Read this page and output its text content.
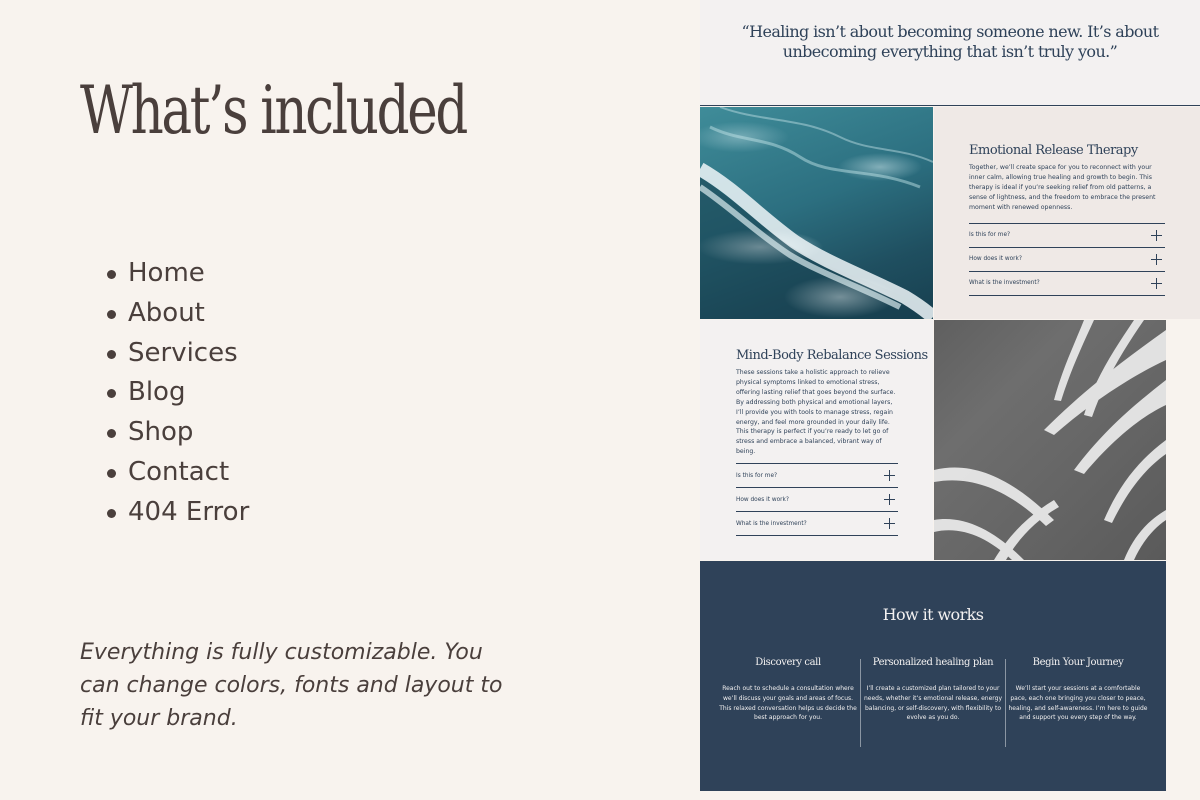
What’s included
Home
About
Services
Blog
Shop
Contact
404 Error

Everything is fully customizable. You can change colors, fonts and layout to fit your brand.

“Healing isn’t about becoming someone new. It’s about unbecoming everything that isn’t truly you.”

Emotional Release Therapy

Together, we’ll create space for you to reconnect with your inner calm, allowing true healing and growth to begin. This therapy is ideal if you’re seeking relief from old patterns, a sense of lightness, and the freedom to embrace the present moment with renewed openness.

Is this for me?
How does it work?
What is the investment?
Mind-Body Rebalance Sessions

These sessions take a holistic approach to relieve physical symptoms linked to emotional stress, offering lasting relief that goes beyond the surface. By addressing both physical and emotional layers, I’ll provide you with tools to manage stress, regain energy, and feel more grounded in your daily life. This therapy is perfect if you’re ready to let go of stress and embrace a balanced, vibrant way of being.

Is this for me?
How does it work?
What is the investment?
How it works
Discovery call

Reach out to schedule a consultation where we’ll discuss your goals and areas of focus. This relaxed conversation helps us decide the best approach for you.

Personalized healing plan

I’ll create a customized plan tailored to your needs, whether it’s emotional release, energy balancing, or self-discovery, with flexibility to evolve as you do.

Begin Your Journey

We’ll start your sessions at a comfortable pace, each one bringing you closer to peace, healing, and self-awareness. I’m here to guide and support you every step of the way.
